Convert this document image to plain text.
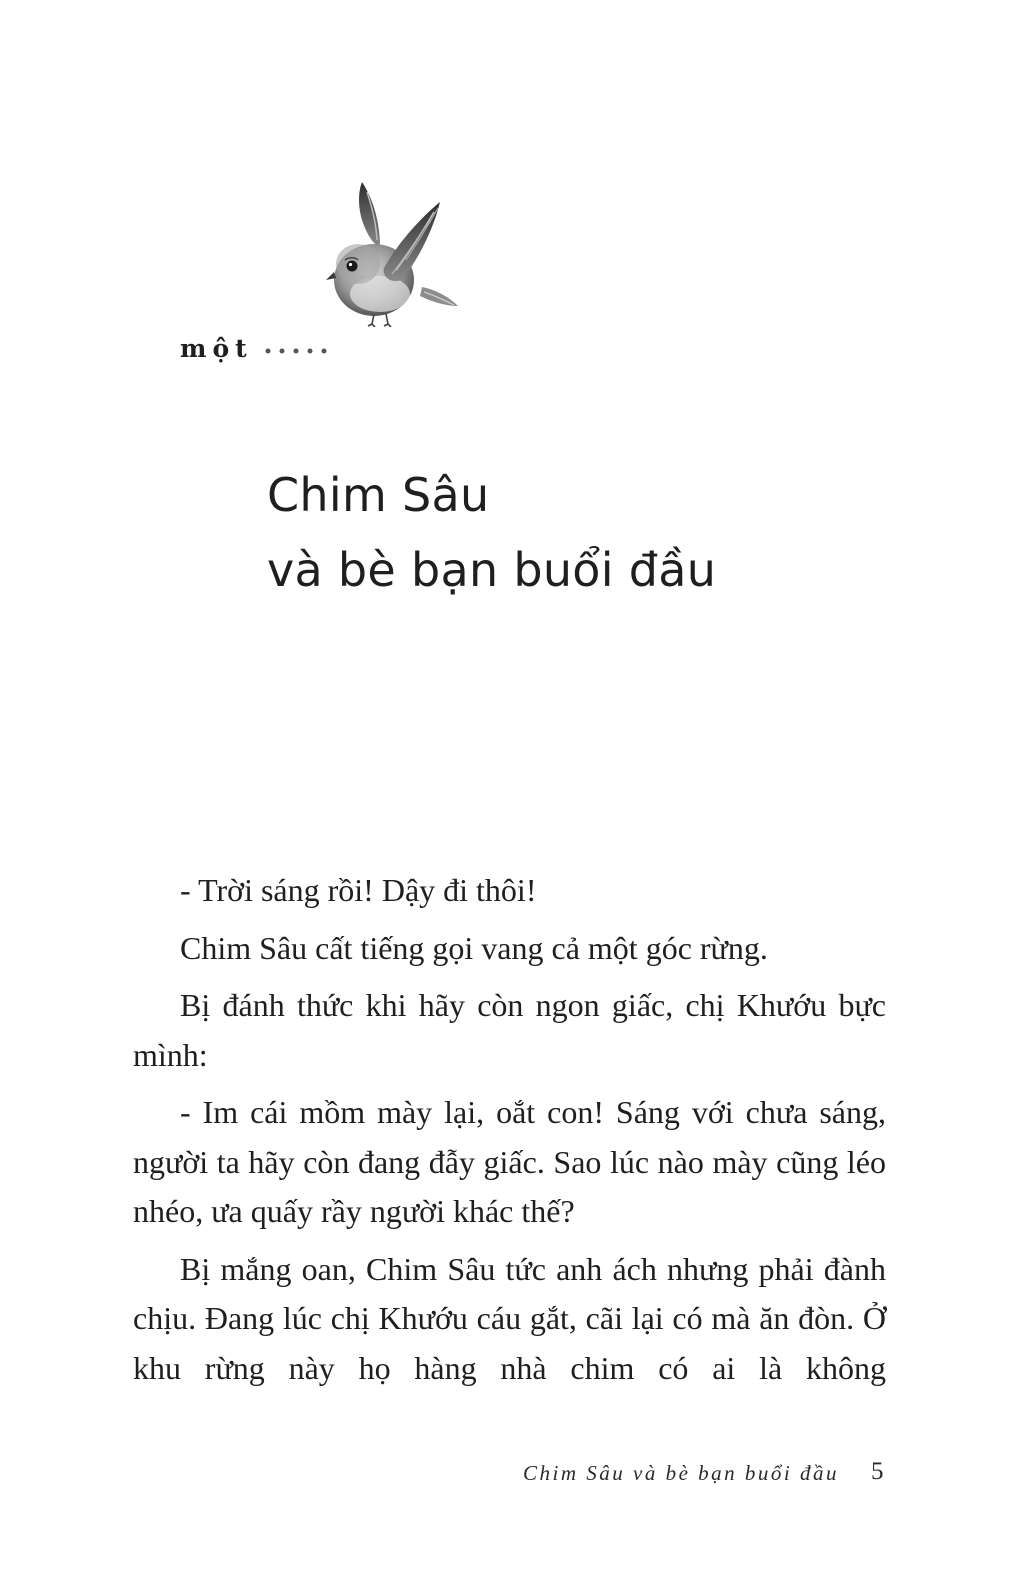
một
Chim Sâu
và bè bạn buổi đầu

- Trời sáng rồi! Dậy đi thôi!

Chim Sâu cất tiếng gọi vang cả một góc rừng.

Bị đánh thức khi hãy còn ngon giấc, chị Khướu bực mình:

- Im cái mồm mày lại, oắt con! Sáng với chưa sáng, người ta hãy còn đang đẫy giấc. Sao lúc nào mày cũng léo nhéo, ưa quấy rầy người khác thế?

Bị mắng oan, Chim Sâu tức anh ách nhưng phải đành chịu. Đang lúc chị Khướu cáu gắt, cãi lại có mà ăn đòn. Ở khu rừng này họ hàng nhà chim có ai là không

Chim Sâu và bè bạn buổi đầu 5
